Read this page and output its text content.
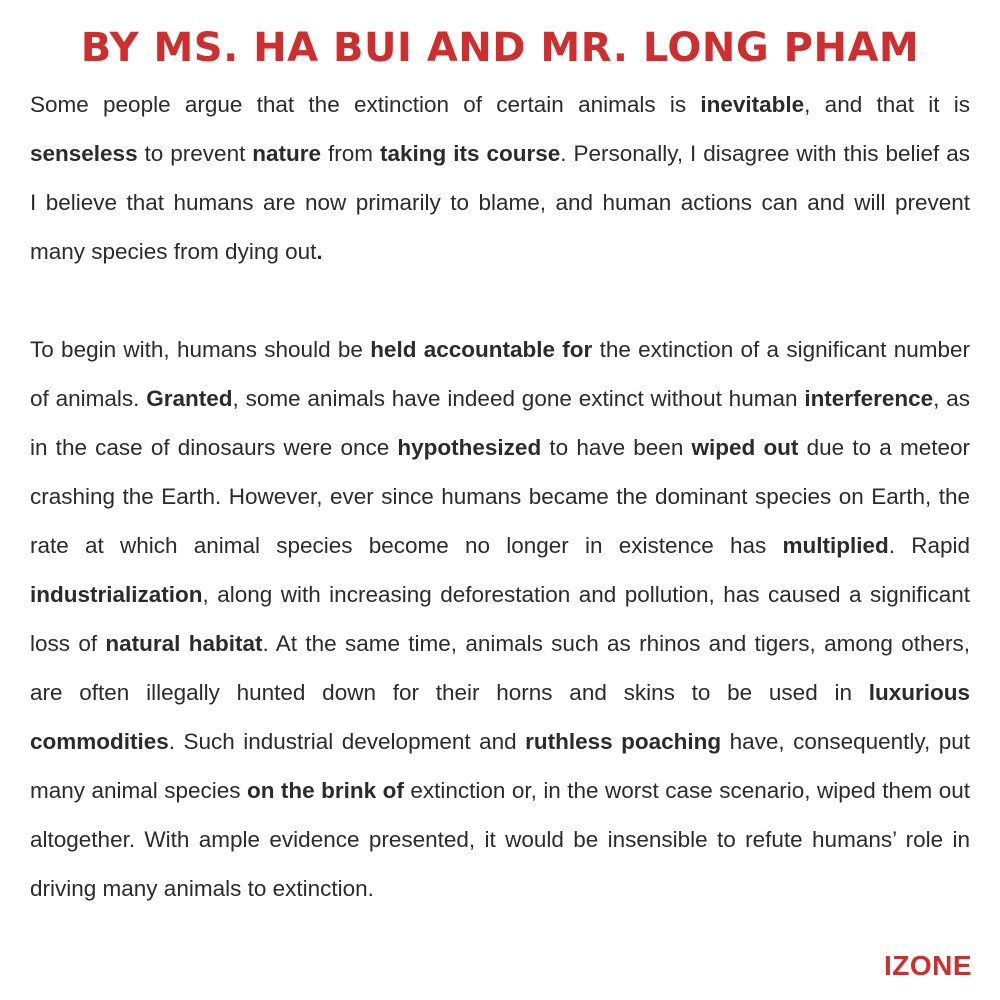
BY MS. HA BUI AND MR. LONG PHAM

Some people argue that the extinction of certain animals is inevitable, and that it is senseless to prevent nature from taking its course. Personally, I disagree with this belief as I believe that humans are now primarily to blame, and human actions can and will prevent many species from dying out.

To begin with, humans should be held accountable for the extinction of a significant number of animals. Granted, some animals have indeed gone extinct without human interference, as in the case of dinosaurs were once hypothesized to have been wiped out due to a meteor crashing the Earth. However, ever since humans became the dominant species on Earth, the rate at which animal species become no longer in existence has multiplied. Rapid industrialization, along with increasing deforestation and pollution, has caused a significant loss of natural habitat. At the same time, animals such as rhinos and tigers, among others, are often illegally hunted down for their horns and skins to be used in luxurious commodities. Such industrial development and ruthless poaching have, consequently, put many animal species on the brink of extinction or, in the worst case scenario, wiped them out altogether. With ample evidence presented, it would be insensible to refute humans’ role in driving many animals to extinction.

IZONE
